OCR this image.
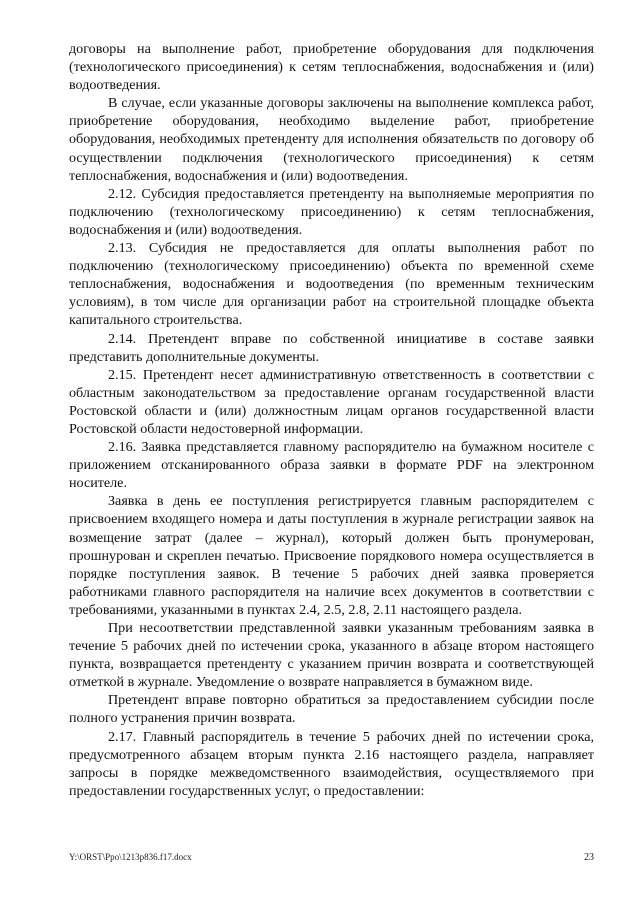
договоры на выполнение работ, приобретение оборудования для подключения (технологического присоединения) к сетям теплоснабжения, водоснабжения и (или) водоотведения.

В случае, если указанные договоры заключены на выполнение комплекса работ, приобретение оборудования, необходимо выделение работ, приобретение оборудования, необходимых претенденту для исполнения обязательств по договору об осуществлении подключения (технологического присоединения) к сетям теплоснабжения, водоснабжения и (или) водоотведения.

2.12. Субсидия предоставляется претенденту на выполняемые мероприятия по подключению (технологическому присоединению) к сетям теплоснабжения, водоснабжения и (или) водоотведения.

2.13. Субсидия не предоставляется для оплаты выполнения работ по подключению (технологическому присоединению) объекта по временной схеме теплоснабжения, водоснабжения и водоотведения (по временным техническим условиям), в том числе для организации работ на строительной площадке объекта капитального строительства.

2.14. Претендент вправе по собственной инициативе в составе заявки представить дополнительные документы.

2.15. Претендент несет административную ответственность в соответствии с областным законодательством за предоставление органам государственной власти Ростовской области и (или) должностным лицам органов государственной власти Ростовской области недостоверной информации.

2.16. Заявка представляется главному распорядителю на бумажном носителе с приложением отсканированного образа заявки в формате PDF на электронном носителе.

Заявка в день ее поступления регистрируется главным распорядителем с присвоением входящего номера и даты поступления в журнале регистрации заявок на возмещение затрат (далее – журнал), который должен быть пронумерован, прошнурован и скреплен печатью. Присвоение порядкового номера осуществляется в порядке поступления заявок. В течение 5 рабочих дней заявка проверяется работниками главного распорядителя на наличие всех документов в соответствии с требованиями, указанными в пунктах 2.4, 2.5, 2.8, 2.11 настоящего раздела.

При несоответствии представленной заявки указанным требованиям заявка в течение 5 рабочих дней по истечении срока, указанного в абзаце втором настоящего пункта, возвращается претенденту с указанием причин возврата и соответствующей отметкой в журнале. Уведомление о возврате направляется в бумажном виде.

Претендент вправе повторно обратиться за предоставлением субсидии после полного устранения причин возврата.

2.17. Главный распорядитель в течение 5 рабочих дней по истечении срока, предусмотренного абзацем вторым пункта 2.16 настоящего раздела, направляет запросы в порядке межведомственного взаимодействия, осуществляемого при предоставлении государственных услуг, о предоставлении:

Y:\ORST\Ppo\1213p836.f17.docx	23
